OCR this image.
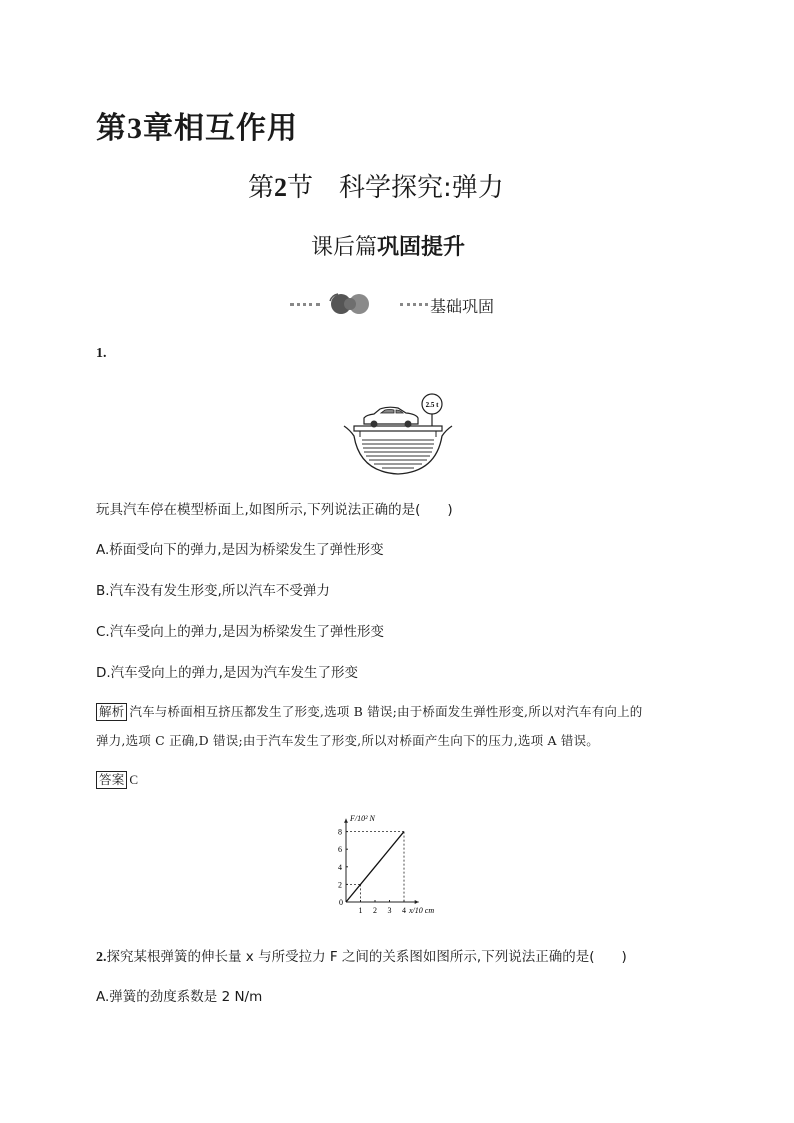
第3章相互作用
第2节 科学探究:弹力
课后篇巩固提升
基础巩固
1.
2.5 t
玩具汽车停在模型桥面上,如图所示,下列说法正确的是(　　)
A.桥面受向下的弹力,是因为桥梁发生了弹性形变
B.汽车没有发生形变,所以汽车不受弹力
C.汽车受向上的弹力,是因为桥梁发生了弹性形变
D.汽车受向上的弹力,是因为汽车发生了形变
解析 汽车与桥面相互挤压都发生了形变,选项 B 错误;由于桥面发生弹性形变,所以对汽车有向上的
弹力,选项 C 正确,D 错误;由于汽车发生了形变,所以对桥面产生向下的压力,选项 A 错误。
答案 C
F/10² N
x/10 cm
0
1 2 3 4
2
4
6
8
2.探究某根弹簧的伸长量 x 与所受拉力 F 之间的关系图如图所示,下列说法正确的是(　　)
A.弹簧的劲度系数是 2 N/m
